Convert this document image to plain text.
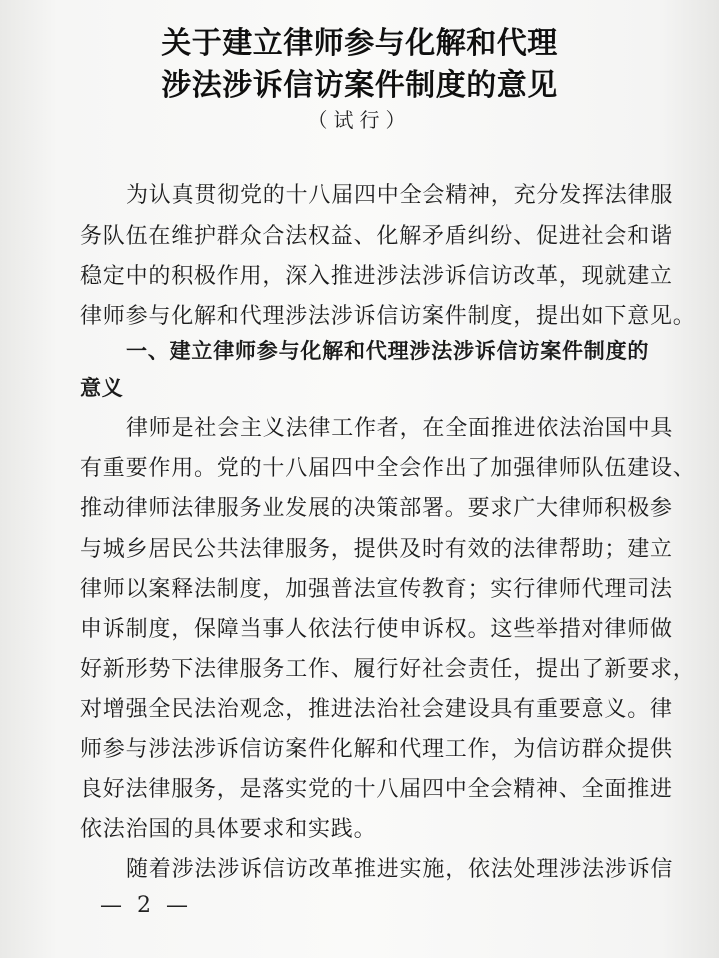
关于建立律师参与化解和代理
涉法涉诉信访案件制度的意见
（试行）
为认真贯彻党的十八届四中全会精神，充分发挥法律服
务队伍在维护群众合法权益、化解矛盾纠纷、促进社会和谐
稳定中的积极作用，深入推进涉法涉诉信访改革，现就建立
律师参与化解和代理涉法涉诉信访案件制度，提出如下意见。
一、建立律师参与化解和代理涉法涉诉信访案件制度的
意义
律师是社会主义法律工作者，在全面推进依法治国中具
有重要作用。党的十八届四中全会作出了加强律师队伍建设、
推动律师法律服务业发展的决策部署。要求广大律师积极参
与城乡居民公共法律服务，提供及时有效的法律帮助；建立
律师以案释法制度，加强普法宣传教育；实行律师代理司法
申诉制度，保障当事人依法行使申诉权。这些举措对律师做
好新形势下法律服务工作、履行好社会责任，提出了新要求，
对增强全民法治观念，推进法治社会建设具有重要意义。律
师参与涉法涉诉信访案件化解和代理工作，为信访群众提供
良好法律服务，是落实党的十八届四中全会精神、全面推进
依法治国的具体要求和实践。
随着涉法涉诉信访改革推进实施，依法处理涉法涉诉信
— 2 —
